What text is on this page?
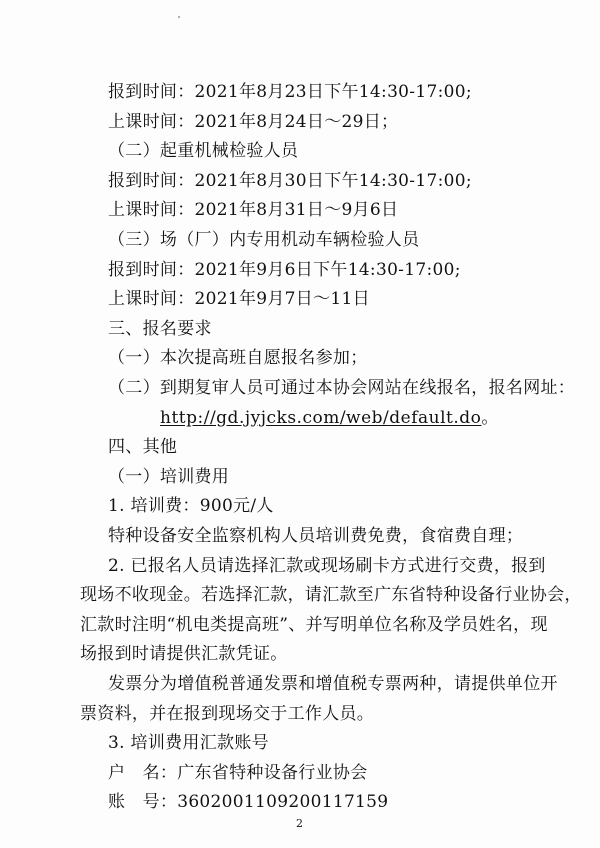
报到时间：2021年8月23日下午14:30-17:00;
上课时间：2021年8月24日～29日；
（二）起重机械检验人员
报到时间：2021年8月30日下午14:30-17:00;
上课时间：2021年8月31日～9月6日
（三）场（厂）内专用机动车辆检验人员
报到时间：2021年9月6日下午14:30-17:00;
上课时间：2021年9月7日～11日
三、报名要求
（一）本次提高班自愿报名参加；
（二）到期复审人员可通过本协会网站在线报名，报名网址：
http://gd.jyjcks.com/web/default.do。
四、其他
（一）培训费用
1. 培训费：900元/人
特种设备安全监察机构人员培训费免费，食宿费自理；
2. 已报名人员请选择汇款或现场刷卡方式进行交费，报到
现场不收现金。若选择汇款，请汇款至广东省特种设备行业协会，
汇款时注明“机电类提高班”、并写明单位名称及学员姓名，现
场报到时请提供汇款凭证。
发票分为增值税普通发票和增值税专票两种，请提供单位开
票资料，并在报到现场交于工作人员。
3. 培训费用汇款账号
户　名：广东省特种设备行业协会
账　号：3602001109200117159
2
